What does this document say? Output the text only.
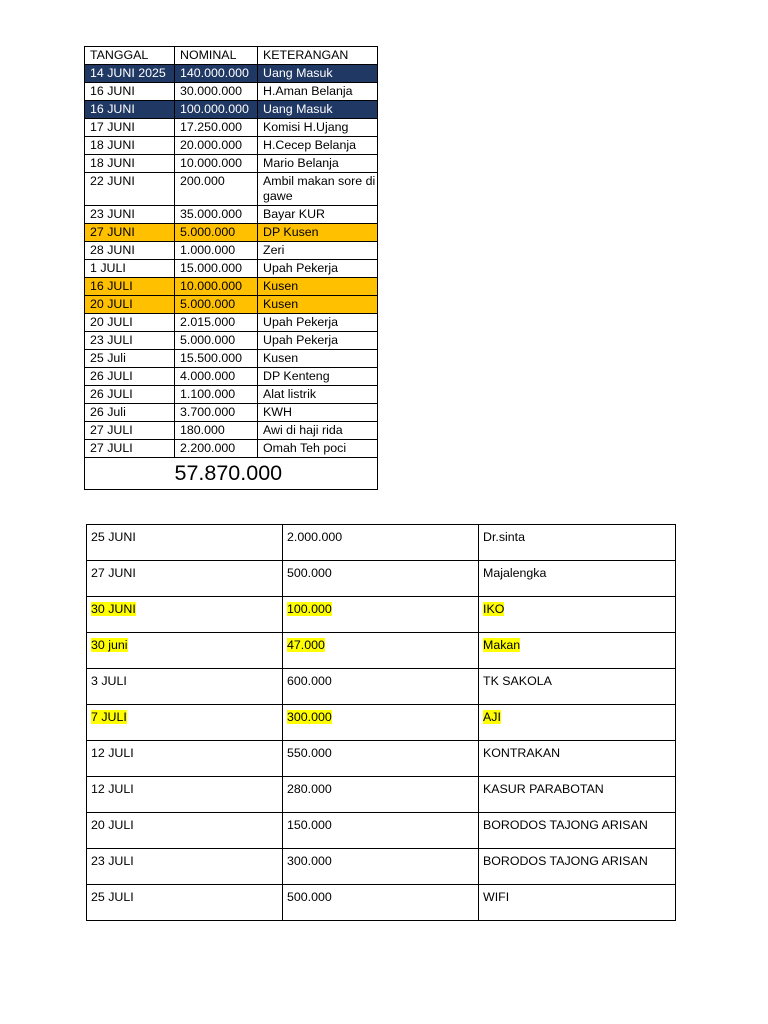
TANGGAL	NOMINAL	KETERANGAN
14 JUNI 2025	140.000.000	Uang Masuk
16 JUNI	30.000.000	H.Aman Belanja
16 JUNI	100.000.000	Uang Masuk
17 JUNI	17.250.000	Komisi H.Ujang
18 JUNI	20.000.000	H.Cecep Belanja
18 JUNI	10.000.000	Mario Belanja
22 JUNI	200.000	Ambil makan sore di gawe
23 JUNI	35.000.000	Bayar KUR
27 JUNI	5.000.000	DP Kusen
28 JUNI	1.000.000	Zeri
1 JULI	15.000.000	Upah Pekerja
16 JULI	10.000.000	Kusen
20 JULI	5.000.000	Kusen
20 JULI	2.015.000	Upah Pekerja
23 JULI	5.000.000	Upah Pekerja
25 Juli	15.500.000	Kusen
26 JULI	4.000.000	DP Kenteng
26 JULI	1.100.000	Alat listrik
26 Juli	3.700.000	KWH
27 JULI	180.000	Awi di haji rida
27 JULI	2.200.000	Omah Teh poci
	57.870.000	
25 JUNI	2.000.000	Dr.sinta
27 JUNI	500.000	Majalengka
30 JUNI	100.000	IKO
30 juni	47.000	Makan
3 JULI	600.000	TK SAKOLA
7 JULI	300.000	AJI
12 JULI	550.000	KONTRAKAN
12 JULI	280.000	KASUR PARABOTAN
20 JULI	150.000	BORODOS TAJONG ARISAN
23 JULI	300.000	BORODOS TAJONG ARISAN
25 JULI	500.000	WIFI
